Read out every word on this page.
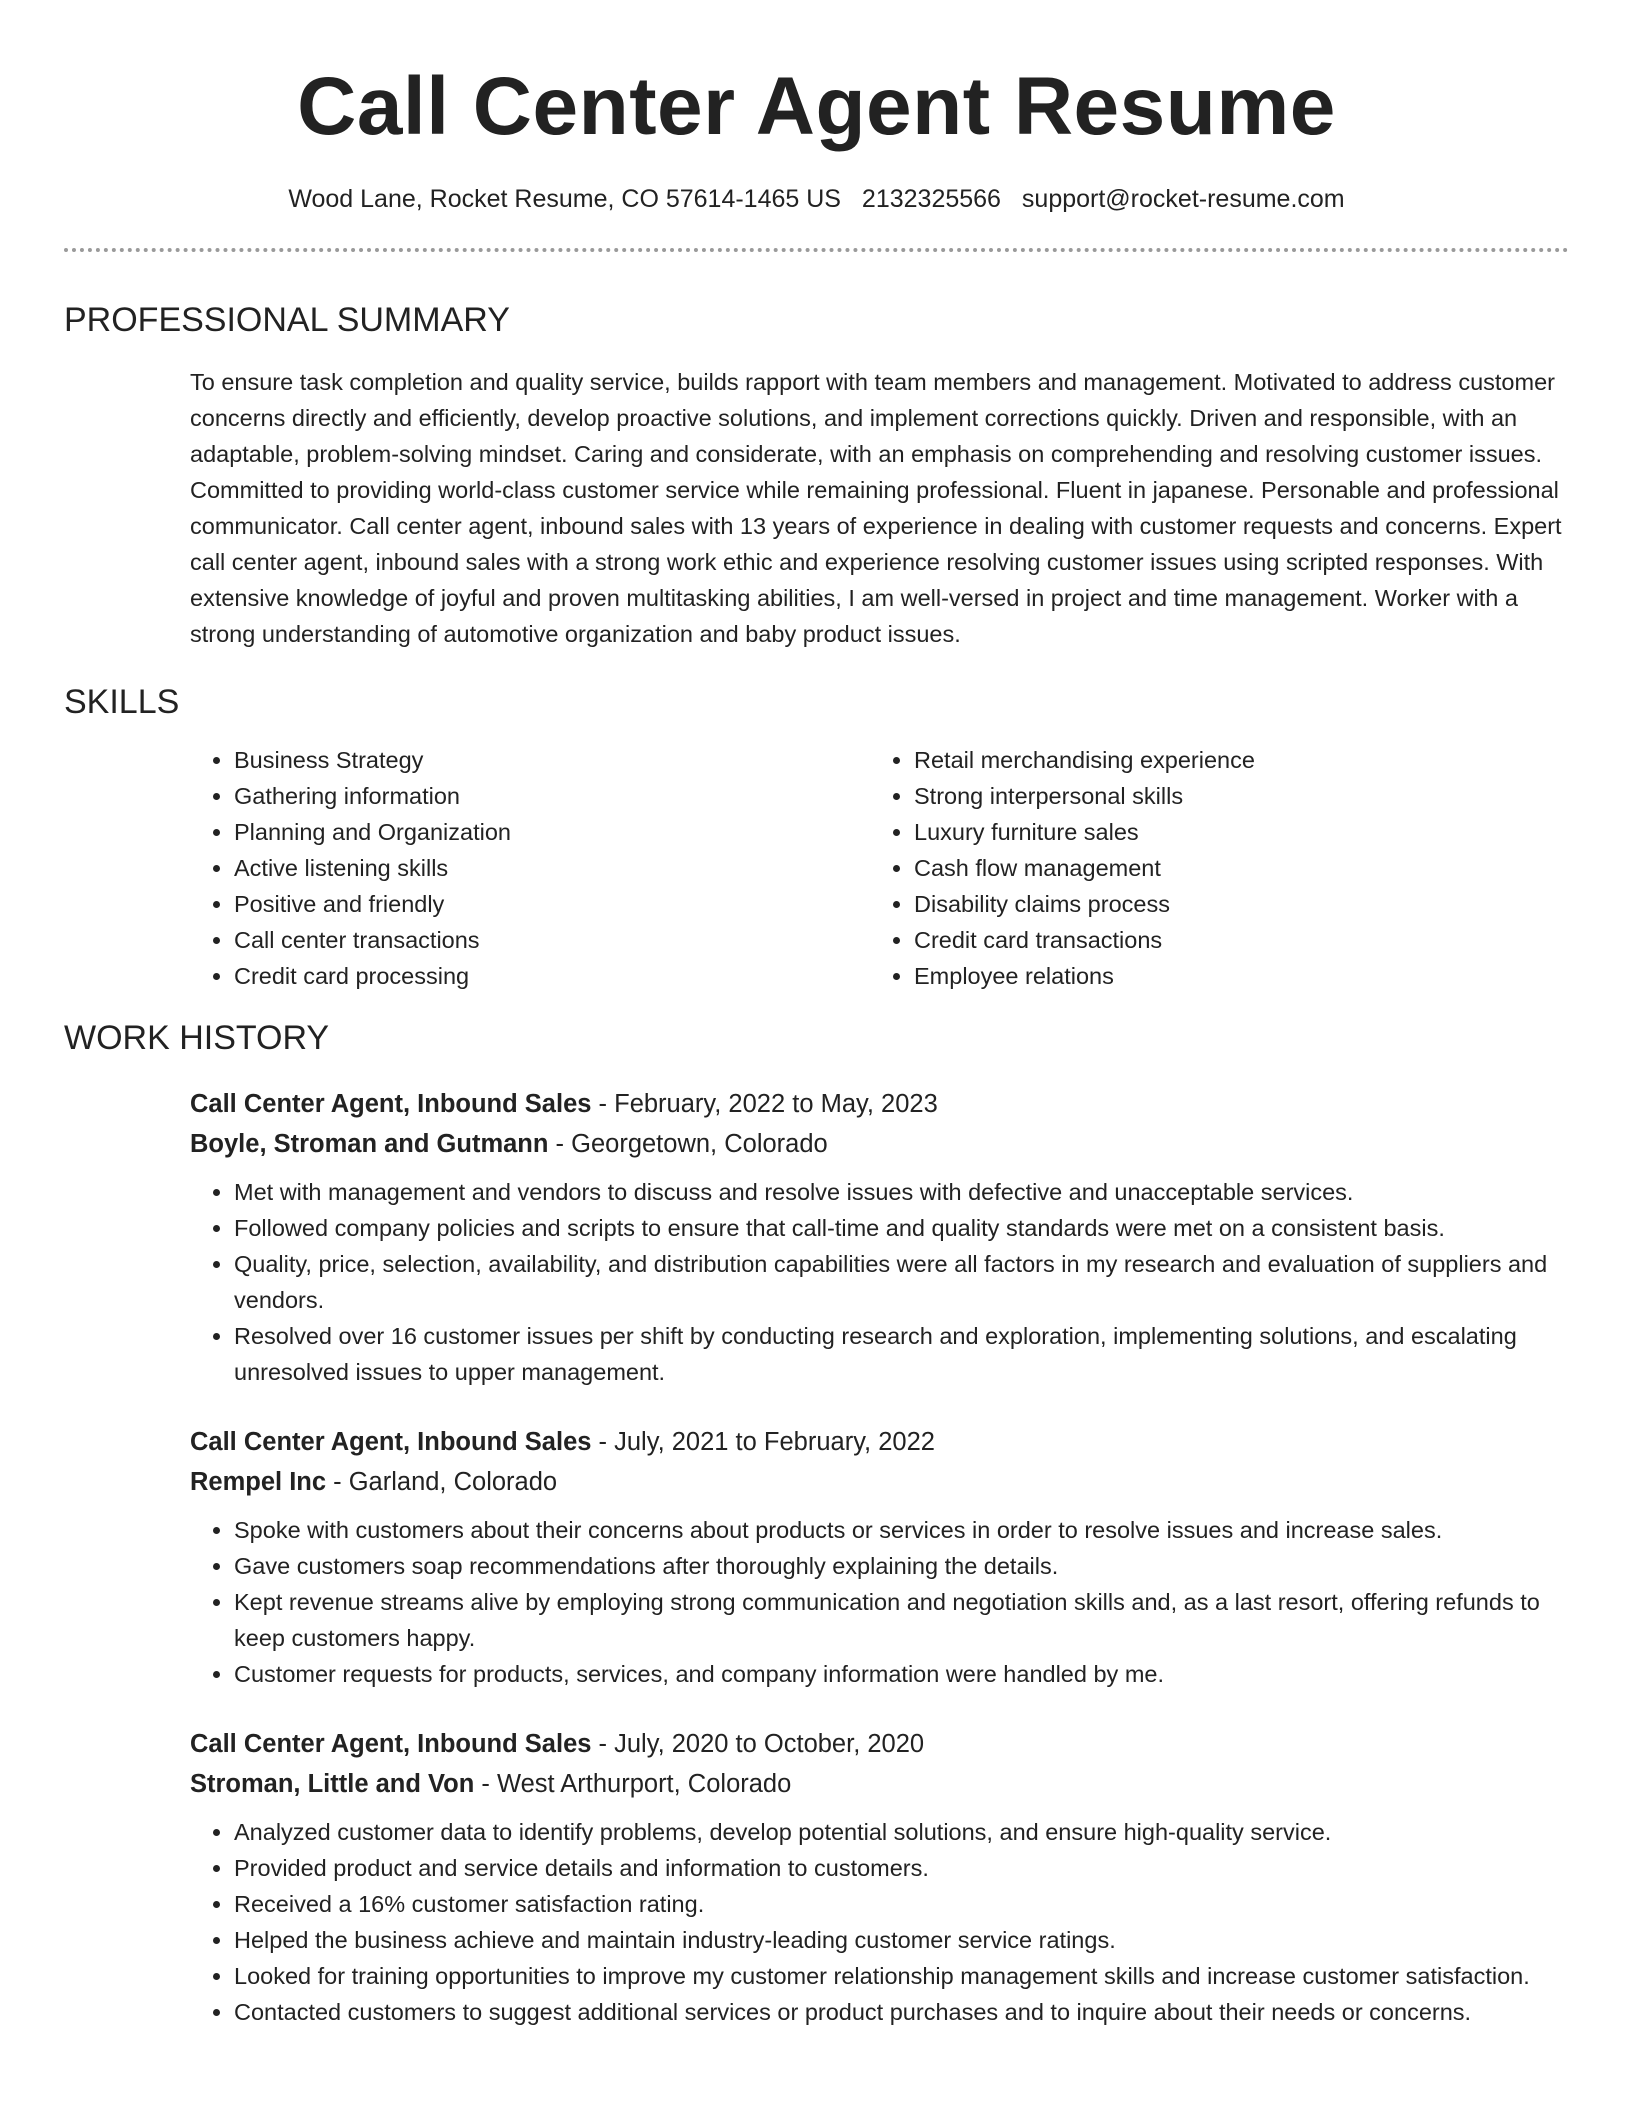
Call Center Agent Resume
Wood Lane, Rocket Resume, CO 57614-1465 US 2132325566 support@rocket-resume.com
PROFESSIONAL SUMMARY
To ensure task completion and quality service, builds rapport with team members and management. Motivated to address customer concerns directly and efficiently, develop proactive solutions, and implement corrections quickly. Driven and responsible, with an adaptable, problem-solving mindset. Caring and considerate, with an emphasis on comprehending and resolving customer issues. Committed to providing world-class customer service while remaining professional. Fluent in japanese. Personable and professional communicator. Call center agent, inbound sales with 13 years of experience in dealing with customer requests and concerns. Expert call center agent, inbound sales with a strong work ethic and experience resolving customer issues using scripted responses. With extensive knowledge of joyful and proven multitasking abilities, I am well-versed in project and time management. Worker with a strong understanding of automotive organization and baby product issues.
SKILLS
• Business Strategy
• Gathering information
• Planning and Organization
• Active listening skills
• Positive and friendly
• Call center transactions
• Credit card processing
• Retail merchandising experience
• Strong interpersonal skills
• Luxury furniture sales
• Cash flow management
• Disability claims process
• Credit card transactions
• Employee relations
WORK HISTORY
Call Center Agent, Inbound Sales - February, 2022 to May, 2023
Boyle, Stroman and Gutmann - Georgetown, Colorado
• Met with management and vendors to discuss and resolve issues with defective and unacceptable services.
• Followed company policies and scripts to ensure that call-time and quality standards were met on a consistent basis.
• Quality, price, selection, availability, and distribution capabilities were all factors in my research and evaluation of suppliers and vendors.
• Resolved over 16 customer issues per shift by conducting research and exploration, implementing solutions, and escalating unresolved issues to upper management.
Call Center Agent, Inbound Sales - July, 2021 to February, 2022
Rempel Inc - Garland, Colorado
• Spoke with customers about their concerns about products or services in order to resolve issues and increase sales.
• Gave customers soap recommendations after thoroughly explaining the details.
• Kept revenue streams alive by employing strong communication and negotiation skills and, as a last resort, offering refunds to keep customers happy.
• Customer requests for products, services, and company information were handled by me.
Call Center Agent, Inbound Sales - July, 2020 to October, 2020
Stroman, Little and Von - West Arthurport, Colorado
• Analyzed customer data to identify problems, develop potential solutions, and ensure high-quality service.
• Provided product and service details and information to customers.
• Received a 16% customer satisfaction rating.
• Helped the business achieve and maintain industry-leading customer service ratings.
• Looked for training opportunities to improve my customer relationship management skills and increase customer satisfaction.
• Contacted customers to suggest additional services or product purchases and to inquire about their needs or concerns.
